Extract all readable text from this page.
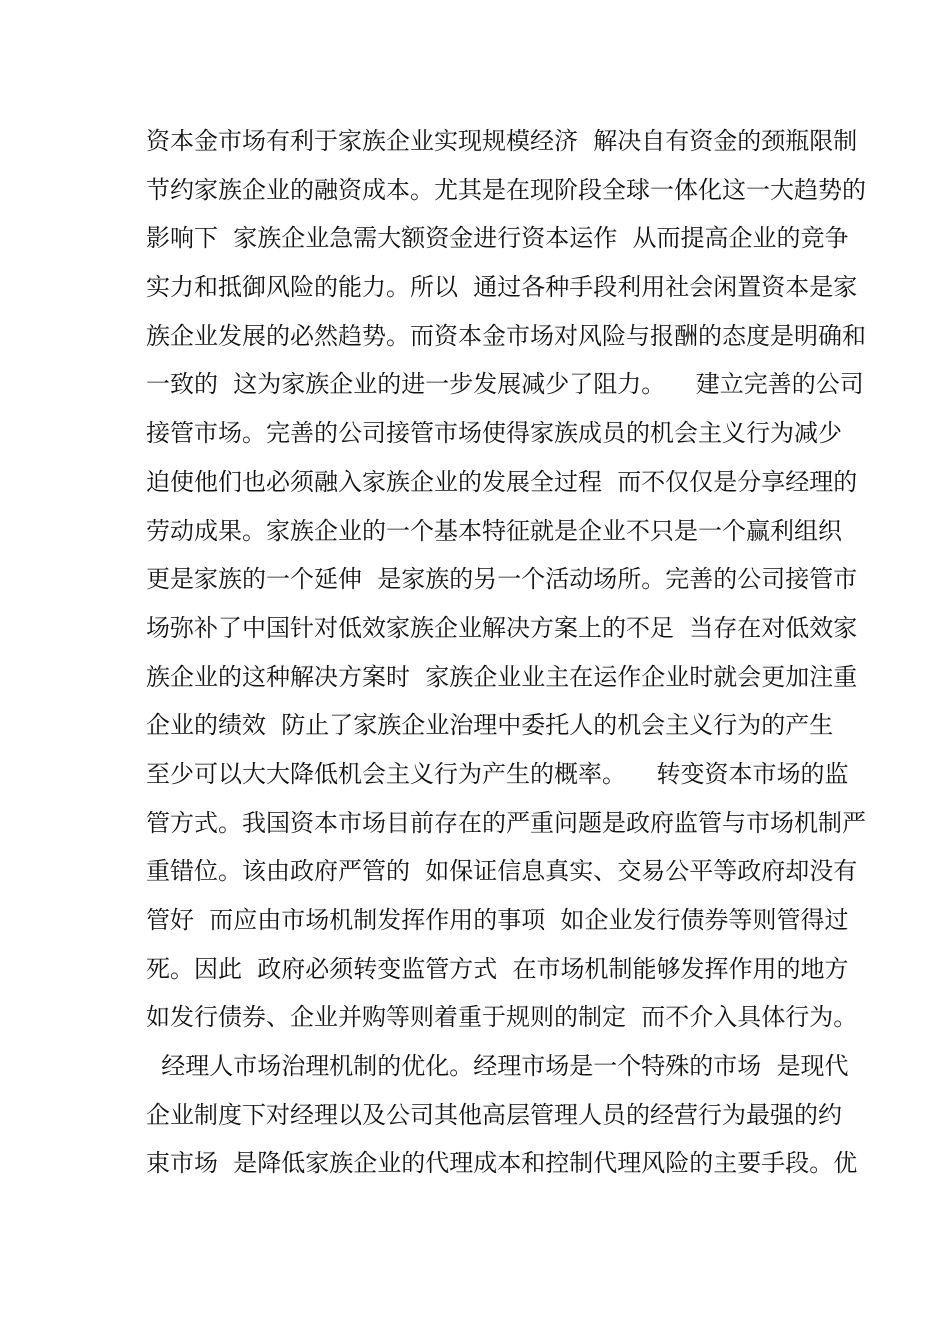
资本金市场有利于家族企业实现规模经济  解决自有资金的颈瓶限制
节约家族企业的融资成本。尤其是在现阶段全球一体化这一大趋势的
影响下  家族企业急需大额资金进行资本运作  从而提高企业的竞争
实力和抵御风险的能力。所以  通过各种手段利用社会闲置资本是家
族企业发展的必然趋势。而资本金市场对风险与报酬的态度是明确和
一致的  这为家族企业的进一步发展减少了阻力。    建立完善的公司
接管市场。完善的公司接管市场使得家族成员的机会主义行为减少
迫使他们也必须融入家族企业的发展全过程  而不仅仅是分享经理的
劳动成果。家族企业的一个基本特征就是企业不只是一个赢利组织
更是家族的一个延伸  是家族的另一个活动场所。完善的公司接管市
场弥补了中国针对低效家族企业解决方案上的不足  当存在对低效家
族企业的这种解决方案时  家族企业业主在运作企业时就会更加注重
企业的绩效  防止了家族企业治理中委托人的机会主义行为的产生
至少可以大大降低机会主义行为产生的概率。    转变资本市场的监
管方式。我国资本市场目前存在的严重问题是政府监管与市场机制严
重错位。该由政府严管的  如保证信息真实、交易公平等政府却没有
管好  而应由市场机制发挥作用的事项  如企业发行债券等则管得过
死。因此  政府必须转变监管方式  在市场机制能够发挥作用的地方
如发行债券、企业并购等则着重于规则的制定  而不介入具体行为。
经理人市场治理机制的优化。经理市场是一个特殊的市场  是现代
企业制度下对经理以及公司其他高层管理人员的经营行为最强的约
束市场  是降低家族企业的代理成本和控制代理风险的主要手段。优
